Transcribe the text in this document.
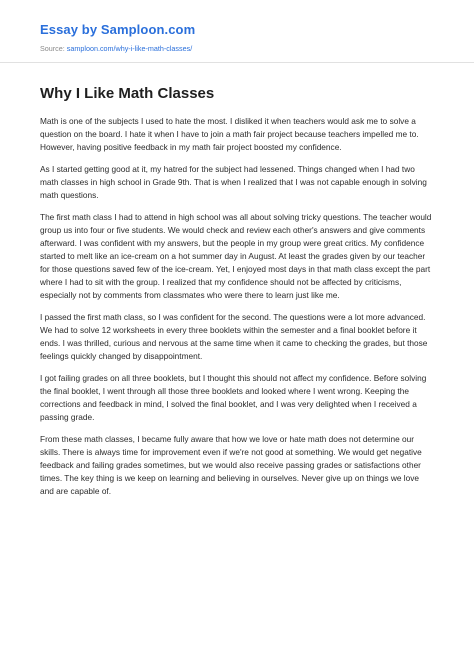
Essay by Samploon.com
Source: samploon.com/why-i-like-math-classes/
Why I Like Math Classes

Math is one of the subjects I used to hate the most. I disliked it when teachers would ask me to solve a question on the board. I hate it when I have to join a math fair project because teachers impelled me to. However, having positive feedback in my math fair project boosted my confidence.

As I started getting good at it, my hatred for the subject had lessened. Things changed when I had two math classes in high school in Grade 9th. That is when I realized that I was not capable enough in solving math questions.

The first math class I had to attend in high school was all about solving tricky questions. The teacher would group us into four or five students. We would check and review each other's answers and give comments afterward. I was confident with my answers, but the people in my group were great critics. My confidence started to melt like an ice-cream on a hot summer day in August. At least the grades given by our teacher for those questions saved few of the ice-cream. Yet, I enjoyed most days in that math class except the part where I had to sit with the group. I realized that my confidence should not be affected by criticisms, especially not by comments from classmates who were there to learn just like me.

I passed the first math class, so I was confident for the second. The questions were a lot more advanced. We had to solve 12 worksheets in every three booklets within the semester and a final booklet before it ends. I was thrilled, curious and nervous at the same time when it came to checking the grades, but those feelings quickly changed by disappointment.

I got failing grades on all three booklets, but I thought this should not affect my confidence. Before solving the final booklet, I went through all those three booklets and looked where I went wrong. Keeping the corrections and feedback in mind, I solved the final booklet, and I was very delighted when I received a passing grade.

From these math classes, I became fully aware that how we love or hate math does not determine our skills. There is always time for improvement even if we're not good at something. We would get negative feedback and failing grades sometimes, but we would also receive passing grades or satisfactions other times. The key thing is we keep on learning and believing in ourselves. Never give up on things we love and are capable of.
